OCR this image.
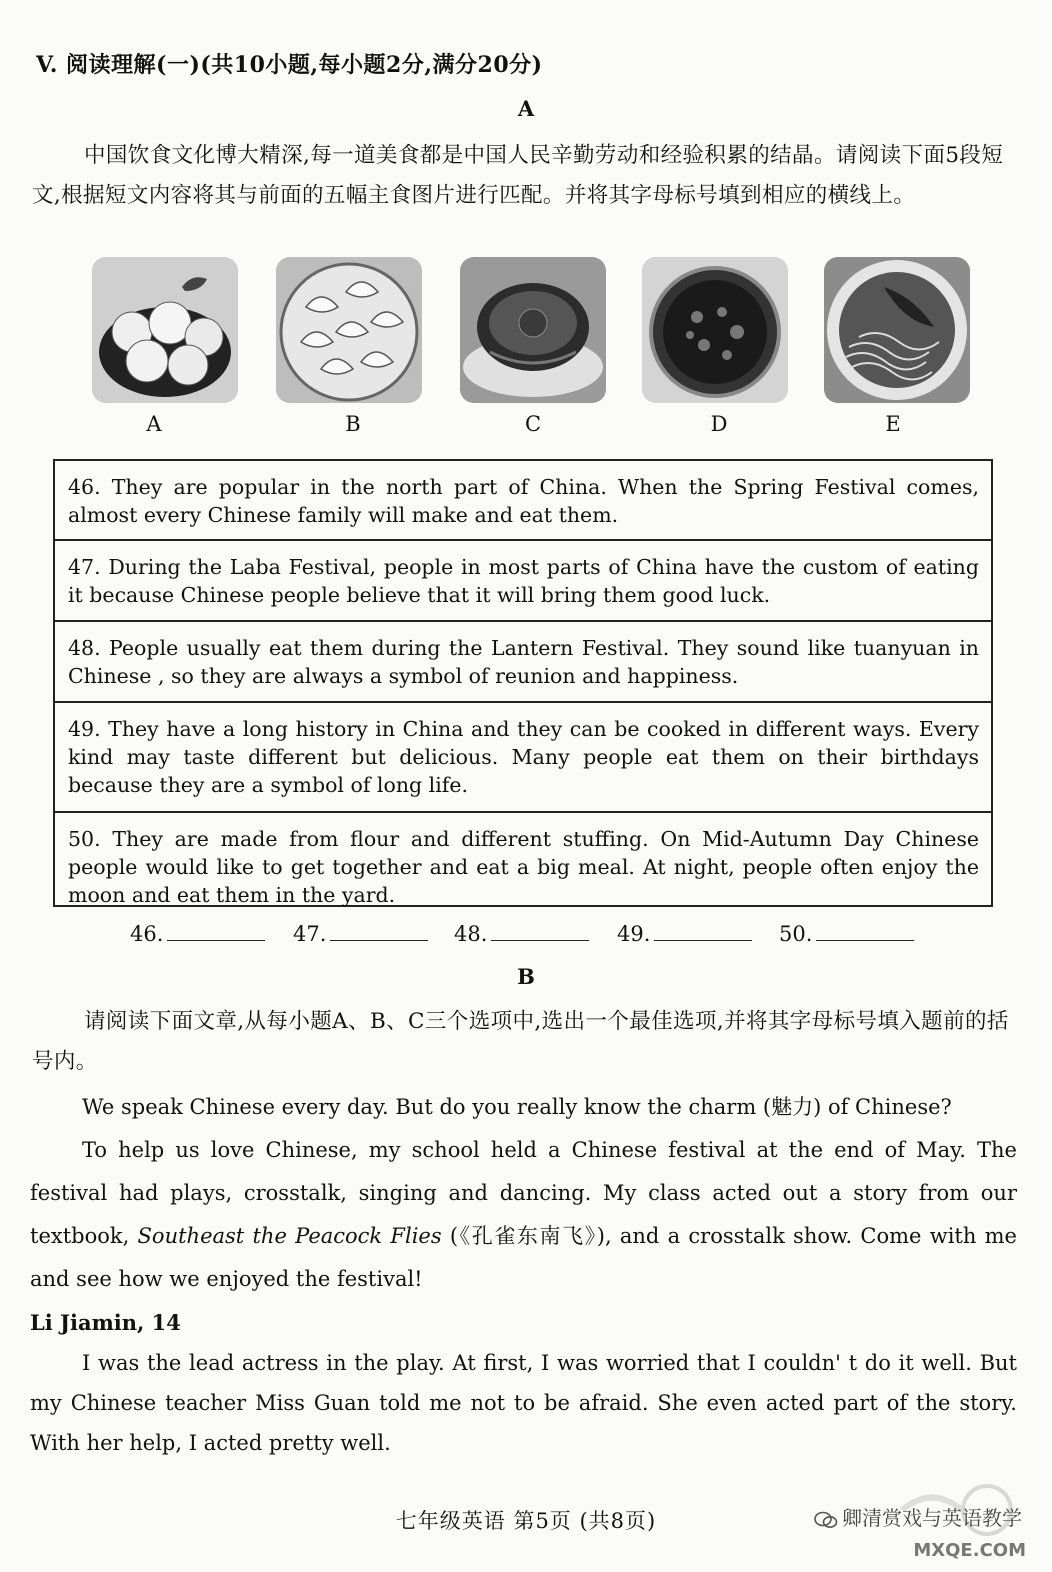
V. 阅读理解(一)(共10小题,每小题2分,满分20分)
A
中国饮食文化博大精深,每一道美食都是中国人民辛勤劳动和经验积累的结晶。请阅读下面5段短文,根据短文内容将其与前面的五幅主食图片进行匹配。并将其字母标号填到相应的横线上。
A	B	C	D	E
46. They are popular in the north part of China. When the Spring Festival comes, almost every Chinese family will make and eat them.
47. During the Laba Festival, people in most parts of China have the custom of eating it because Chinese people believe that it will bring them good luck.
48. People usually eat them during the Lantern Festival. They sound like tuanyuan in Chinese , so they are always a symbol of reunion and happiness.
49. They have a long history in China and they can be cooked in different ways. Every kind may taste different but delicious. Many people eat them on their birthdays because they are a symbol of long life.
50. They are made from flour and different stuffing. On Mid-Autumn Day Chinese people would like to get together and eat a big meal. At night, people often enjoy the moon and eat them in the yard.
46.	47.	48.	49.	50.
B
请阅读下面文章,从每小题A、B、C三个选项中,选出一个最佳选项,并将其字母标号填入题前的括号内。
We speak Chinese every day. But do you really know the charm (魅力) of Chinese?
To help us love Chinese, my school held a Chinese festival at the end of May. The festival had plays, crosstalk, singing and dancing. My class acted out a story from our textbook, Southeast the Peacock Flies (《孔雀东南飞》), and a crosstalk show. Come with me and see how we enjoyed the festival!
Li Jiamin, 14
I was the lead actress in the play. At first, I was worried that I couldn' t do it well. But my Chinese teacher Miss Guan told me not to be afraid. She even acted part of the story. With her help, I acted pretty well.
七年级英语 第5页 (共8页)	卿清赏戏与英语教学
MXQE.COM
